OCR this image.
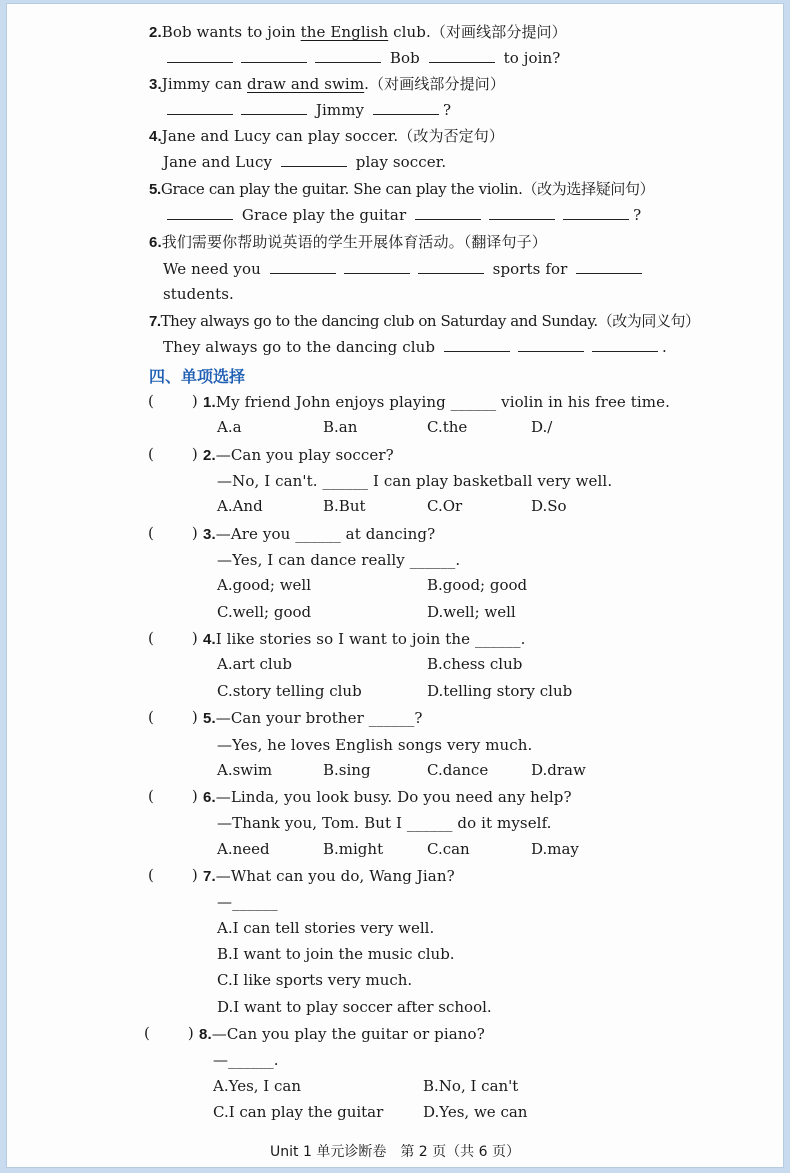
2.Bob wants to join the English club.（对画线部分提问）
Bob	to join?
3.Jimmy can draw and swim.（对画线部分提问）
Jimmy	?
4.Jane and Lucy can play soccer.（改为否定句）
Jane and Lucy	play soccer.
5.Grace can play the guitar. She can play the violin.（改为选择疑问句）
Grace play the guitar	?
6.我们需要你帮助说英语的学生开展体育活动。（翻译句子）
We need you	sports for
students.
7.They always go to the dancing club on Saturday and Sunday.（改为同义句）
They always go to the dancing club	.
四、单项选择
(	) 1.My friend John enjoys playing ______ violin in his free time.
A.a	B.an	C.the	D./
(	) 2.—Can you play soccer?
—No, I can't. ______ I can play basketball very well.
A.And	B.But	C.Or	D.So
(	) 3.—Are you ______ at dancing?
—Yes, I can dance really ______.
A.good; well	B.good; good
C.well; good	D.well; well
(	) 4.I like stories so I want to join the ______.
A.art club	B.chess club
C.story telling club	D.telling story club
(	) 5.—Can your brother ______?
—Yes, he loves English songs very much.
A.swim	B.sing	C.dance	D.draw
(	) 6.—Linda, you look busy. Do you need any help?
—Thank you, Tom. But I ______ do it myself.
A.need	B.might	C.can	D.may
(	) 7.—What can you do, Wang Jian?
—______
A.I can tell stories very well.
B.I want to join the music club.
C.I like sports very much.
D.I want to play soccer after school.
(	) 8.—Can you play the guitar or piano?
—______.
A.Yes, I can	B.No, I can't
C.I can play the guitar	D.Yes, we can
Unit 1 单元诊断卷　第 2 页（共 6 页）
